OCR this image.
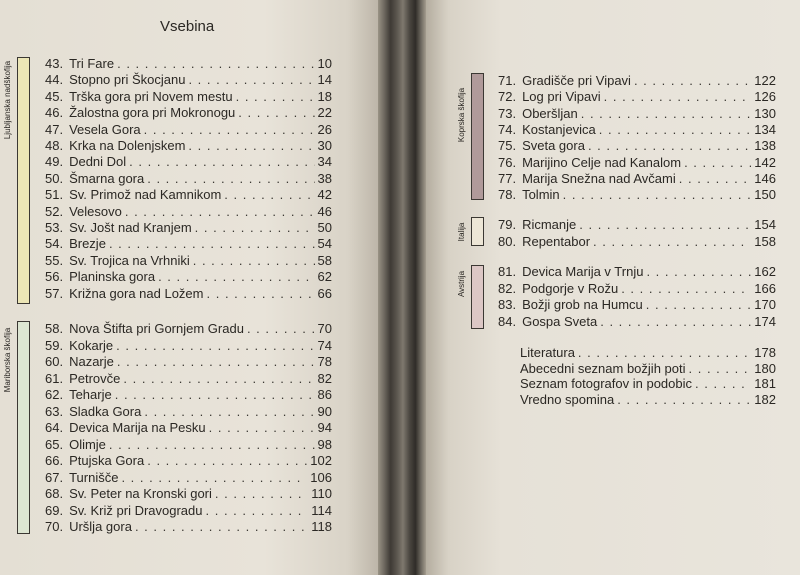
Vsebina
Ljubljanska nadškofija
Mariborska škofija
43. Tri Fare . . .	10
44. Stopno pri Škocjanu . . .	14
45. Trška gora pri Novem mestu . . .	18
46. Žalostna gora pri Mokronogu . . .	22
47. Vesela Gora . . .	26
48. Krka na Dolenjskem . . .	30
49. Dedni Dol . . .	34
50. Šmarna gora . . .	38
51. Sv. Primož nad Kamnikom . . .	42
52. Velesovo . . .	46
53. Sv. Jošt nad Kranjem . . .	50
54. Brezje . . .	54
55. Sv. Trojica na Vrhniki . . .	58
56. Planinska gora . . .	62
57. Križna gora nad Ložem . . .	66
58. Nova Štifta pri Gornjem Gradu . . .	70
59. Kokarje . . .	74
60. Nazarje . . .	78
61. Petrovče . . .	82
62. Teharje . . .	86
63. Sladka Gora . . .	90
64. Devica Marija na Pesku . . .	94
65. Olimje . . .	98
66. Ptujska Gora . . .	102
67. Turnišče . . .	106
68. Sv. Peter na Kronski gori . . .	110
69. Sv. Križ pri Dravogradu . . .	114
70. Uršlja gora . . .	118
Koprska škofija
Italija
Avstrija
71. Gradišče pri Vipavi . . .	122
72. Log pri Vipavi . . .	126
73. Oberšljan . . .	130
74. Kostanjevica . . .	134
75. Sveta gora . . .	138
76. Marijino Celje nad Kanalom . . .	142
77. Marija Snežna nad Avčami . . .	146
78. Tolmin . . .	150
79. Ricmanje . . .	154
80. Repentabor . . .	158
81. Devica Marija v Trnju . . .	162
82. Podgorje v Rožu . . .	166
83. Božji grob na Humcu . . .	170
84. Gospa Sveta . . .	174
Literatura . . .	178
Abecedni seznam božjih poti . . .	180
Seznam fotografov in podobic . . .	181
Vredno spomina . . .	182
